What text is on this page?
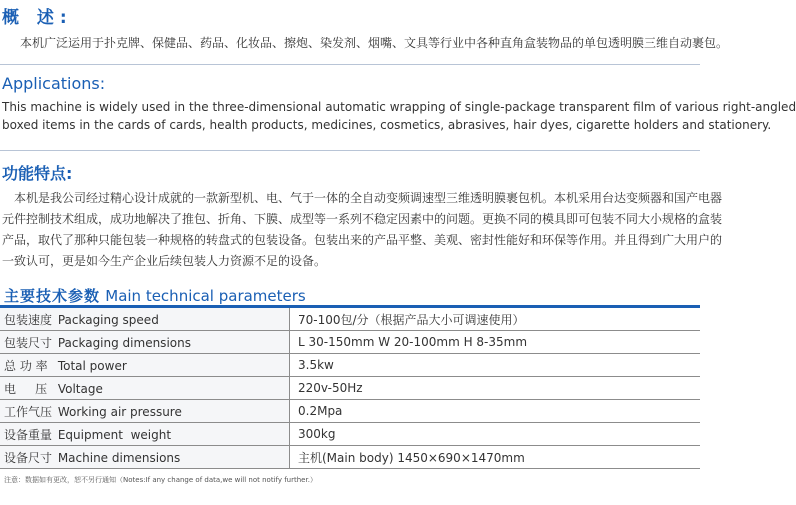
概 述:
本机广泛运用于扑克牌、保健品、药品、化妆品、擦炮、染发剂、烟嘴、文具等行业中各种直角盒装物品的单包透明膜三维自动裹包。
Applications:
This machine is widely used in the three-dimensional automatic wrapping of single-package transparent film of various right-angled
boxed items in the cards of cards, health products, medicines, cosmetics, abrasives, hair dyes, cigarette holders and stationery.
功能特点:
本机是我公司经过精心设计成就的一款新型机、电、气于一体的全自动变频调速型三维透明膜裹包机。本机采用台达变频器和国产电器
元件控制技术组成，成功地解决了推包、折角、下膜、成型等一系列不稳定因素中的问题。更换不同的模具即可包装不同大小规格的盒装
产品，取代了那种只能包装一种规格的转盘式的包装设备。包装出来的产品平整、美观、密封性能好和环保等作用。并且得到广大用户的
一致认可，更是如今生产企业后续包装人力资源不足的设备。
主要技术参数 Main technical parameters
包装速度 Packaging speed	70-100包/分（根据产品大小可调速使用）
包装尺寸 Packaging dimensions	L 30-150mm W 20-100mm H 8-35mm
总 功 率 Total power	3.5kw
电     压 Voltage	220v-50Hz
工作气压 Working air pressure	0.2Mpa
设备重量 Equipment  weight	300kg
设备尺寸 Machine dimensions	主机(Main body) 1450×690×1470mm
注意：数据如有更改，恕不另行通知（Notes:If any change of data,we will not notify further.）
